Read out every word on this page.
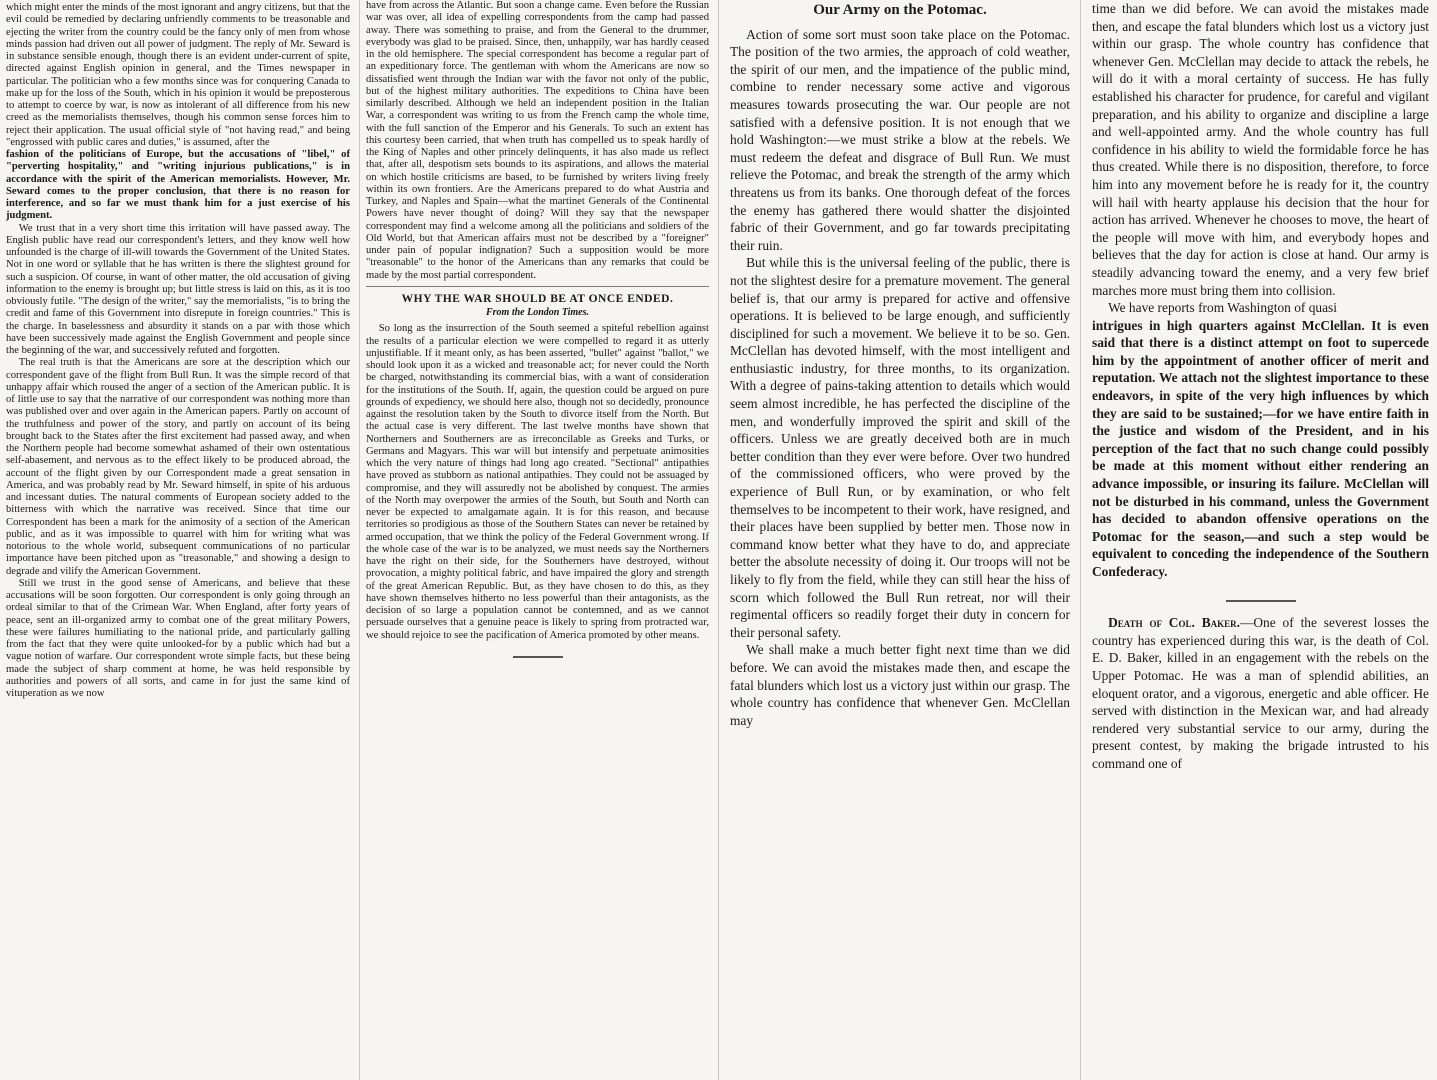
which might enter the minds of the most ignorant and angry citizens, but that the evil could be remedied by declaring unfriendly comments to be treasonable and ejecting the writer from the country could be the fancy only of men from whose minds passion had driven out all power of judgment. The reply of Mr. Seward is in substance sensible enough, though there is an evident under-current of spite, directed against English opinion in general, and the Times newspaper in particular. The politician who a few months since was for conquering Canada to make up for the loss of the South, which in his opinion it would be preposterous to attempt to coerce by war, is now as intolerant of all difference from his new creed as the memorialists themselves, though his common sense forces him to reject their application. The usual official style of "not having read," and being "engrossed with public cares and duties," is assumed, after the

fashion of the politicians of Europe, but the accusations of "libel," of "perverting hospitality," and "writing injurious publications," is in accordance with the spirit of the American memorialists. However, Mr. Seward comes to the proper conclusion, that there is no reason for interference, and so far we must thank him for a just exercise of his judgment.

We trust that in a very short time this irritation will have passed away. The English public have read our correspondent's letters, and they know well how unfounded is the charge of ill-will towards the Government of the United States. Not in one word or syllable that he has written is there the slightest ground for such a suspicion. Of course, in want of other matter, the old accusation of giving information to the enemy is brought up; but little stress is laid on this, as it is too obviously futile. "The design of the writer," say the memorialists, "is to bring the credit and fame of this Government into disrepute in foreign countries." This is the charge. In baselessness and absurdity it stands on a par with those which have been successively made against the English Government and people since the beginning of the war, and successively refuted and forgotten.

The real truth is that the Americans are sore at the description which our correspondent gave of the flight from Bull Run. It was the simple record of that unhappy affair which roused the anger of a section of the American public. It is of little use to say that the narrative of our correspondent was nothing more than was published over and over again in the American papers. Partly on account of the truthfulness and power of the story, and partly on account of its being brought back to the States after the first excitement had passed away, and when the Northern people had become somewhat ashamed of their own ostentatious self-abasement, and nervous as to the effect likely to be produced abroad, the account of the flight given by our Correspondent made a great sensation in America, and was probably read by Mr. Seward himself, in spite of his arduous and incessant duties. The natural comments of European society added to the bitterness with which the narrative was received. Since that time our Correspondent has been a mark for the animosity of a section of the American public, and as it was impossible to quarrel with him for writing what was notorious to the whole world, subsequent communications of no particular importance have been pitched upon as "treasonable," and showing a design to degrade and vilify the American Government.

Still we trust in the good sense of Americans, and believe that these accusations will be soon forgotten. Our correspondent is only going through an ordeal similar to that of the Crimean War. When England, after forty years of peace, sent an ill-organized army to combat one of the great military Powers, these were failures humiliating to the national pride, and particularly galling from the fact that they were quite unlooked-for by a public which had but a vague notion of warfare. Our correspondent wrote simple facts, but these being made the subject of sharp comment at home, he was held responsible by authorities and powers of all sorts, and came in for just the same kind of vituperation as we now

have from across the Atlantic. But soon a change came. Even before the Russian war was over, all idea of expelling correspondents from the camp had passed away. There was something to praise, and from the General to the drummer, everybody was glad to be praised. Since, then, unhappily, war has hardly ceased in the old hemisphere. The special correspondent has become a regular part of an expeditionary force. The gentleman with whom the Americans are now so dissatisfied went through the Indian war with the favor not only of the public, but of the highest military authorities. The expeditions to China have been similarly described. Although we held an independent position in the Italian War, a correspondent was writing to us from the French camp the whole time, with the full sanction of the Emperor and his Generals. To such an extent has this courtesy been carried, that when truth has compelled us to speak hardly of the King of Naples and other princely delinquents, it has also made us reflect that, after all, despotism sets bounds to its aspirations, and allows the material on which hostile criticisms are based, to be furnished by writers living freely within its own frontiers. Are the Americans prepared to do what Austria and Turkey, and Naples and Spain—what the martinet Generals of the Continental Powers have never thought of doing? Will they say that the newspaper correspondent may find a welcome among all the politicians and soldiers of the Old World, but that American affairs must not be described by a "foreigner" under pain of popular indignation? Such a supposition would be more "treasonable" to the honor of the Americans than any remarks that could be made by the most partial correspondent.

WHY THE WAR SHOULD BE AT ONCE ENDED.
From the London Times.

So long as the insurrection of the South seemed a spiteful rebellion against the results of a particular election we were compelled to regard it as utterly unjustifiable. If it meant only, as has been asserted, "bullet" against "ballot," we should look upon it as a wicked and treasonable act; for never could the North be charged, notwithstanding its commercial bias, with a want of consideration for the institutions of the South. If, again, the question could be argued on pure grounds of expediency, we should here also, though not so decidedly, pronounce against the resolution taken by the South to divorce itself from the North. But the actual case is very different. The last twelve months have shown that Northerners and Southerners are as irreconcilable as Greeks and Turks, or Germans and Magyars. This war will but intensify and perpetuate animosities which the very nature of things had long ago created. "Sectional" antipathies have proved as stubborn as national antipathies. They could not be assuaged by compromise, and they will assuredly not be abolished by conquest. The armies of the North may overpower the armies of the South, but South and North can never be expected to amalgamate again. It is for this reason, and because territories so prodigious as those of the Southern States can never be retained by armed occupation, that we think the policy of the Federal Government wrong. If the whole case of the war is to be analyzed, we must needs say the Northerners have the right on their side, for the Southerners have destroyed, without provocation, a mighty political fabric, and have impaired the glory and strength of the great American Republic. But, as they have chosen to do this, as they have shown themselves hitherto no less powerful than their antagonists, as the decision of so large a population cannot be contemned, and as we cannot persuade ourselves that a genuine peace is likely to spring from protracted war, we should rejoice to see the pacification of America promoted by other means.

Our Army on the Potomac.

Action of some sort must soon take place on the Potomac. The position of the two armies, the approach of cold weather, the spirit of our men, and the impatience of the public mind, combine to render necessary some active and vigorous measures towards prosecuting the war. Our people are not satisfied with a defensive position. It is not enough that we hold Washington:—we must strike a blow at the rebels. We must redeem the defeat and disgrace of Bull Run. We must relieve the Potomac, and break the strength of the army which threatens us from its banks. One thorough defeat of the forces the enemy has gathered there would shatter the disjointed fabric of their Government, and go far towards precipitating their ruin.

But while this is the universal feeling of the public, there is not the slightest desire for a premature movement. The general belief is, that our army is prepared for active and offensive operations. It is believed to be large enough, and sufficiently disciplined for such a movement. We believe it to be so. Gen. McClellan has devoted himself, with the most intelligent and enthusiastic industry, for three months, to its organization. With a degree of pains-taking attention to details which would seem almost incredible, he has perfected the discipline of the men, and wonderfully improved the spirit and skill of the officers. Unless we are greatly deceived both are in much better condition than they ever were before. Over two hundred of the commissioned officers, who were proved by the experience of Bull Run, or by examination, or who felt themselves to be incompetent to their work, have resigned, and their places have been supplied by better men. Those now in command know better what they have to do, and appreciate better the absolute necessity of doing it. Our troops will not be likely to fly from the field, while they can still hear the hiss of scorn which followed the Bull Run retreat, nor will their regimental officers so readily forget their duty in concern for their personal safety.

We shall make a much better fight next time than we did before. We can avoid the mistakes made then, and escape the fatal blunders which lost us a victory just within our grasp. The whole country has confidence that whenever Gen. McClellan may

time than we did before. We can avoid the mistakes made then, and escape the fatal blunders which lost us a victory just within our grasp. The whole country has confidence that whenever Gen. McClellan may decide to attack the rebels, he will do it with a moral certainty of success. He has fully established his character for prudence, for careful and vigilant preparation, and his ability to organize and discipline a large and well-appointed army. And the whole country has full confidence in his ability to wield the formidable force he has thus created. While there is no disposition, therefore, to force him into any movement before he is ready for it, the country will hail with hearty applause his decision that the hour for action has arrived. Whenever he chooses to move, the heart of the people will move with him, and everybody hopes and believes that the day for action is close at hand. Our army is steadily advancing toward the enemy, and a very few brief marches more must bring them into collision.

We have reports from Washington of quasi

intrigues in high quarters against McClellan. It is even said that there is a distinct attempt on foot to supercede him by the appointment of another officer of merit and reputation. We attach not the slightest importance to these endeavors, in spite of the very high influences by which they are said to be sustained;—for we have entire faith in the justice and wisdom of the President, and in his perception of the fact that no such change could possibly be made at this moment without either rendering an advance impossible, or insuring its failure. McClellan will not be disturbed in his command, unless the Government has decided to abandon offensive operations on the Potomac for the season,—and such a step would be equivalent to conceding the independence of the Southern Confederacy.

Death of Col. Baker.—One of the severest losses the country has experienced during this war, is the death of Col. E. D. Baker, killed in an engagement with the rebels on the Upper Potomac. He was a man of splendid abilities, an eloquent orator, and a vigorous, energetic and able officer. He served with distinction in the Mexican war, and had already rendered very substantial service to our army, during the present contest, by making the brigade intrusted to his command one of
